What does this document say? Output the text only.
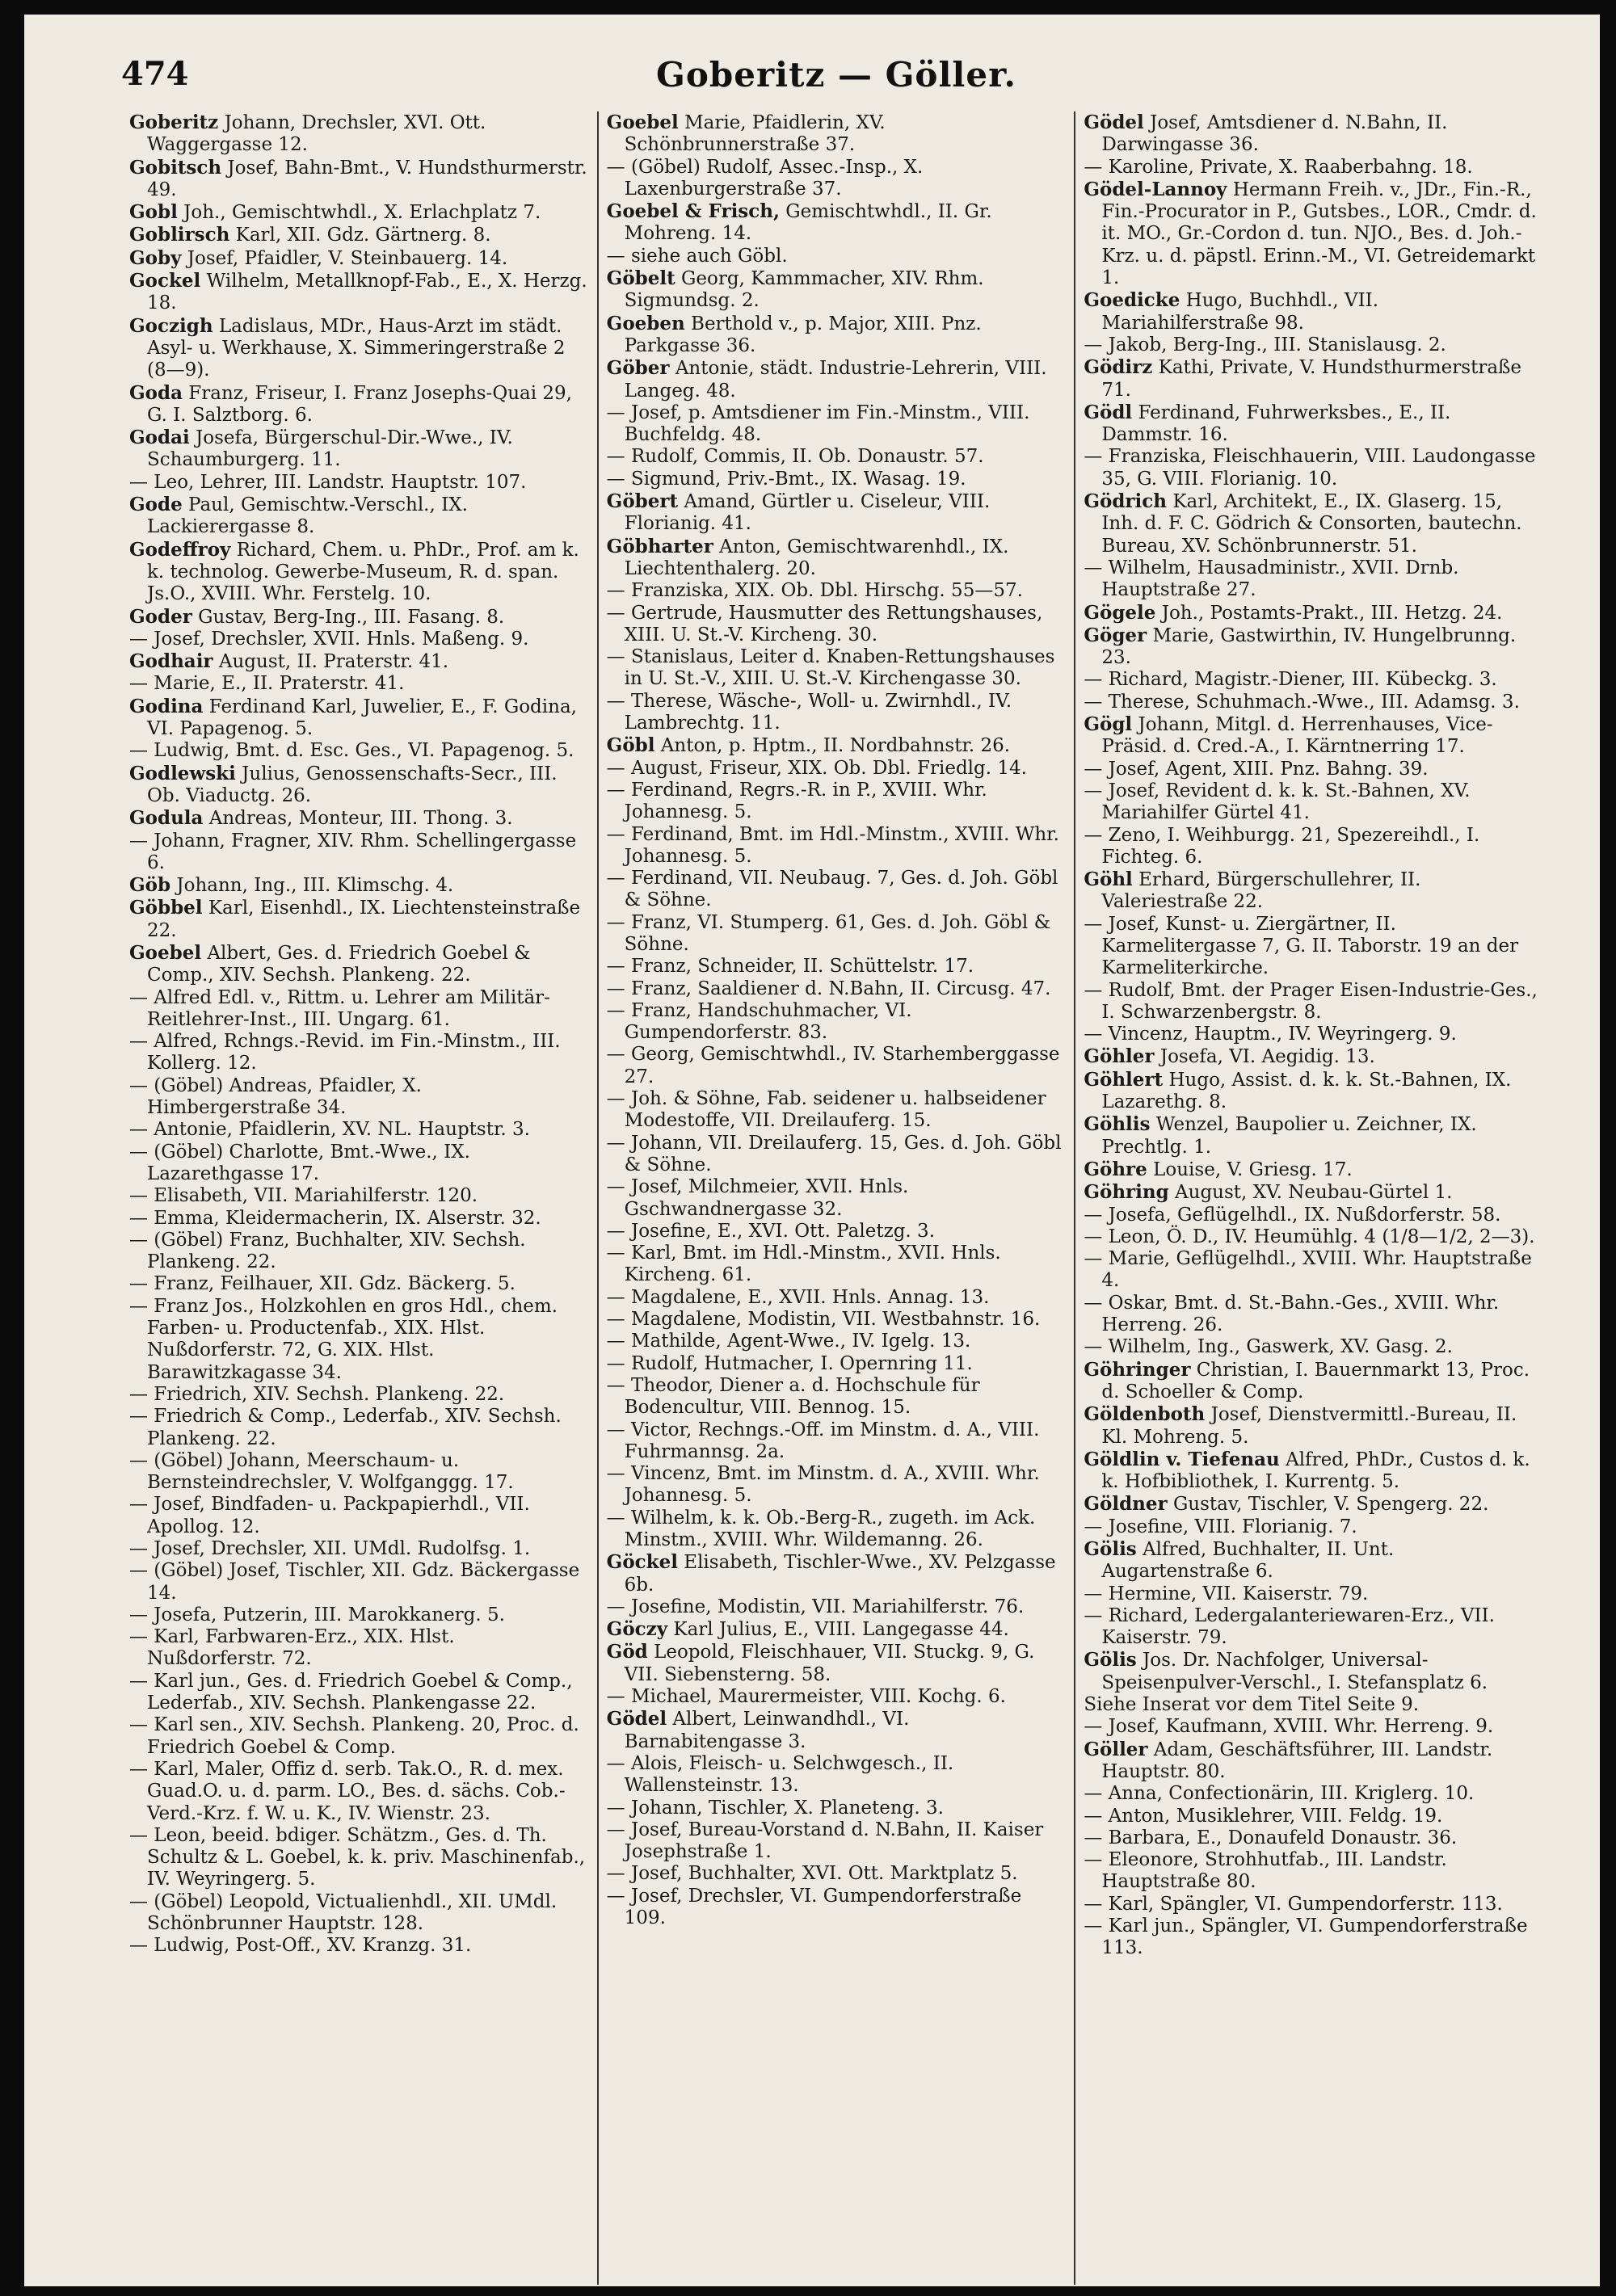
474	Goberitz — Göller.
Goberitz Johann, Drechsler, XVI. Ott. Waggergasse 12.
Gobitsch Josef, Bahn-Bmt., V. Hundsthurmerstr. 49.
Gobl Joh., Gemischtwhdl., X. Erlachplatz 7.
Goblirsch Karl, XII. Gdz. Gärtnerg. 8.
Goby Josef, Pfaidler, V. Steinbauerg. 14.
Gockel Wilhelm, Metallknopf-Fab., E., X. Herzg. 18.
Goczigh Ladislaus, MDr., Haus-Arzt im städt. Asyl- u. Werkhause, X. Simmeringerstraße 2 (8—9).
Goda Franz, Friseur, I. Franz Josephs-Quai 29, G. I. Salztborg. 6.
Godai Josefa, Bürgerschul-Dir.-Wwe., IV. Schaumburgerg. 11.
— Leo, Lehrer, III. Landstr. Hauptstr. 107.
Gode Paul, Gemischtw.-Verschl., IX. Lackierergasse 8.
Godeffroy Richard, Chem. u. PhDr., Prof. am k. k. technolog. Gewerbe-Museum, R. d. span. Js.O., XVIII. Whr. Ferstelg. 10.
Goder Gustav, Berg-Ing., III. Fasang. 8.
— Josef, Drechsler, XVII. Hnls. Maßeng. 9.
Godhair August, II. Praterstr. 41.
— Marie, E., II. Praterstr. 41.
Godina Ferdinand Karl, Juwelier, E., F. Godina, VI. Papagenog. 5.
— Ludwig, Bmt. d. Esc. Ges., VI. Papagenog. 5.
Godlewski Julius, Genossenschafts-Secr., III. Ob. Viaductg. 26.
Godula Andreas, Monteur, III. Thong. 3.
— Johann, Fragner, XIV. Rhm. Schellingergasse 6.
Göb Johann, Ing., III. Klimschg. 4.
Göbbel Karl, Eisenhdl., IX. Liechtensteinstraße 22.
Goebel Albert, Ges. d. Friedrich Goebel & Comp., XIV. Sechsh. Plankeng. 22.
— Alfred Edl. v., Rittm. u. Lehrer am Militär-Reitlehrer-Inst., III. Ungarg. 61.
— Alfred, Rchngs.-Revid. im Fin.-Minstm., III. Kollerg. 12.
— (Göbel) Andreas, Pfaidler, X. Himbergerstraße 34.
— Antonie, Pfaidlerin, XV. NL. Hauptstr. 3.
— (Göbel) Charlotte, Bmt.-Wwe., IX. Lazarethgasse 17.
— Elisabeth, VII. Mariahilferstr. 120.
— Emma, Kleidermacherin, IX. Alserstr. 32.
— (Göbel) Franz, Buchhalter, XIV. Sechsh. Plankeng. 22.
— Franz, Feilhauer, XII. Gdz. Bäckerg. 5.
— Franz Jos., Holzkohlen en gros Hdl., chem. Farben- u. Productenfab., XIX. Hlst. Nußdorferstr. 72, G. XIX. Hlst. Barawitzkagasse 34.
— Friedrich, XIV. Sechsh. Plankeng. 22.
— Friedrich & Comp., Lederfab., XIV. Sechsh. Plankeng. 22.
— (Göbel) Johann, Meerschaum- u. Bernsteindrechsler, V. Wolfganggg. 17.
— Josef, Bindfaden- u. Packpapierhdl., VII. Apollog. 12.
— Josef, Drechsler, XII. UMdl. Rudolfsg. 1.
— (Göbel) Josef, Tischler, XII. Gdz. Bäckergasse 14.
— Josefa, Putzerin, III. Marokkanerg. 5.
— Karl, Farbwaren-Erz., XIX. Hlst. Nußdorferstr. 72.
— Karl jun., Ges. d. Friedrich Goebel & Comp., Lederfab., XIV. Sechsh. Plankengasse 22.
— Karl sen., XIV. Sechsh. Plankeng. 20, Proc. d. Friedrich Goebel & Comp.
— Karl, Maler, Offiz d. serb. Tak.O., R. d. mex. Guad.O. u. d. parm. LO., Bes. d. sächs. Cob.-Verd.-Krz. f. W. u. K., IV. Wienstr. 23.
— Leon, beeid. bdiger. Schätzm., Ges. d. Th. Schultz & L. Goebel, k. k. priv. Maschinenfab., IV. Weyringerg. 5.
— (Göbel) Leopold, Victualienhdl., XII. UMdl. Schönbrunner Hauptstr. 128.
— Ludwig, Post-Off., XV. Kranzg. 31.
Goebel Marie, Pfaidlerin, XV. Schönbrunnerstraße 37.
— (Göbel) Rudolf, Assec.-Insp., X. Laxenburgerstraße 37.
Goebel & Frisch, Gemischtwhdl., II. Gr. Mohreng. 14.
— siehe auch Göbl.
Göbelt Georg, Kammmacher, XIV. Rhm. Sigmundsg. 2.
Goeben Berthold v., p. Major, XIII. Pnz. Parkgasse 36.
Göber Antonie, städt. Industrie-Lehrerin, VIII. Langeg. 48.
— Josef, p. Amtsdiener im Fin.-Minstm., VIII. Buchfeldg. 48.
— Rudolf, Commis, II. Ob. Donaustr. 57.
— Sigmund, Priv.-Bmt., IX. Wasag. 19.
Göbert Amand, Gürtler u. Ciseleur, VIII. Florianig. 41.
Göbharter Anton, Gemischtwarenhdl., IX. Liechtenthalerg. 20.
— Franziska, XIX. Ob. Dbl. Hirschg. 55—57.
— Gertrude, Hausmutter des Rettungshauses, XIII. U. St.-V. Kircheng. 30.
— Stanislaus, Leiter d. Knaben-Rettungshauses in U. St.-V., XIII. U. St.-V. Kirchengasse 30.
— Therese, Wäsche-, Woll- u. Zwirnhdl., IV. Lambrechtg. 11.
Göbl Anton, p. Hptm., II. Nordbahnstr. 26.
— August, Friseur, XIX. Ob. Dbl. Friedlg. 14.
— Ferdinand, Regrs.-R. in P., XVIII. Whr. Johannesg. 5.
— Ferdinand, Bmt. im Hdl.-Minstm., XVIII. Whr. Johannesg. 5.
— Ferdinand, VII. Neubaug. 7, Ges. d. Joh. Göbl & Söhne.
— Franz, VI. Stumperg. 61, Ges. d. Joh. Göbl & Söhne.
— Franz, Schneider, II. Schüttelstr. 17.
— Franz, Saaldiener d. N.Bahn, II. Circusg. 47.
— Franz, Handschuhmacher, VI. Gumpendorferstr. 83.
— Georg, Gemischtwhdl., IV. Starhemberggasse 27.
— Joh. & Söhne, Fab. seidener u. halbseidener Modestoffe, VII. Dreilauferg. 15.
— Johann, VII. Dreilauferg. 15, Ges. d. Joh. Göbl & Söhne.
— Josef, Milchmeier, XVII. Hnls. Gschwandnergasse 32.
— Josefine, E., XVI. Ott. Paletzg. 3.
— Karl, Bmt. im Hdl.-Minstm., XVII. Hnls. Kircheng. 61.
— Magdalene, E., XVII. Hnls. Annag. 13.
— Magdalene, Modistin, VII. Westbahnstr. 16.
— Mathilde, Agent-Wwe., IV. Igelg. 13.
— Rudolf, Hutmacher, I. Opernring 11.
— Theodor, Diener a. d. Hochschule für Bodencultur, VIII. Bennog. 15.
— Victor, Rechngs.-Off. im Minstm. d. A., VIII. Fuhrmannsg. 2a.
— Vincenz, Bmt. im Minstm. d. A., XVIII. Whr. Johannesg. 5.
— Wilhelm, k. k. Ob.-Berg-R., zugeth. im Ack. Minstm., XVIII. Whr. Wildemanng. 26.
Göckel Elisabeth, Tischler-Wwe., XV. Pelzgasse 6b.
— Josefine, Modistin, VII. Mariahilferstr. 76.
Göczy Karl Julius, E., VIII. Langegasse 44.
Göd Leopold, Fleischhauer, VII. Stuckg. 9, G. VII. Siebensterng. 58.
— Michael, Maurermeister, VIII. Kochg. 6.
Gödel Albert, Leinwandhdl., VI. Barnabitengasse 3.
— Alois, Fleisch- u. Selchwgesch., II. Wallensteinstr. 13.
— Johann, Tischler, X. Planeteng. 3.
— Josef, Bureau-Vorstand d. N.Bahn, II. Kaiser Josephstraße 1.
— Josef, Buchhalter, XVI. Ott. Marktplatz 5.
— Josef, Drechsler, VI. Gumpendorferstraße 109.
Gödel Josef, Amtsdiener d. N.Bahn, II. Darwingasse 36.
— Karoline, Private, X. Raaberbahng. 18.
Gödel-Lannoy Hermann Freih. v., JDr., Fin.-R., Fin.-Procurator in P., Gutsbes., LOR., Cmdr. d. it. MO., Gr.-Cordon d. tun. NJO., Bes. d. Joh.-Krz. u. d. päpstl. Erinn.-M., VI. Getreidemarkt 1.
Goedicke Hugo, Buchhdl., VII. Mariahilferstraße 98.
— Jakob, Berg-Ing., III. Stanislausg. 2.
Gödirz Kathi, Private, V. Hundsthurmerstraße 71.
Gödl Ferdinand, Fuhrwerksbes., E., II. Dammstr. 16.
— Franziska, Fleischhauerin, VIII. Laudongasse 35, G. VIII. Florianig. 10.
Gödrich Karl, Architekt, E., IX. Glaserg. 15, Inh. d. F. C. Gödrich & Consorten, bautechn. Bureau, XV. Schönbrunnerstr. 51.
— Wilhelm, Hausadministr., XVII. Drnb. Hauptstraße 27.
Gögele Joh., Postamts-Prakt., III. Hetzg. 24.
Göger Marie, Gastwirthin, IV. Hungelbrunng. 23.
— Richard, Magistr.-Diener, III. Kübeckg. 3.
— Therese, Schuhmach.-Wwe., III. Adamsg. 3.
Gögl Johann, Mitgl. d. Herrenhauses, Vice-Präsid. d. Cred.-A., I. Kärntnerring 17.
— Josef, Agent, XIII. Pnz. Bahng. 39.
— Josef, Revident d. k. k. St.-Bahnen, XV. Mariahilfer Gürtel 41.
— Zeno, I. Weihburgg. 21, Spezereihdl., I. Fichteg. 6.
Göhl Erhard, Bürgerschullehrer, II. Valeriestraße 22.
— Josef, Kunst- u. Ziergärtner, II. Karmelitergasse 7, G. II. Taborstr. 19 an der Karmeliterkirche.
— Rudolf, Bmt. der Prager Eisen-Industrie-Ges., I. Schwarzenbergstr. 8.
— Vincenz, Hauptm., IV. Weyringerg. 9.
Göhler Josefa, VI. Aegidig. 13.
Göhlert Hugo, Assist. d. k. k. St.-Bahnen, IX. Lazarethg. 8.
Göhlis Wenzel, Baupolier u. Zeichner, IX. Prechtlg. 1.
Göhre Louise, V. Griesg. 17.
Göhring August, XV. Neubau-Gürtel 1.
— Josefa, Geflügelhdl., IX. Nußdorferstr. 58.
— Leon, Ö. D., IV. Heumühlg. 4 (1/8—1/2, 2—3).
— Marie, Geflügelhdl., XVIII. Whr. Hauptstraße 4.
— Oskar, Bmt. d. St.-Bahn.-Ges., XVIII. Whr. Herreng. 26.
— Wilhelm, Ing., Gaswerk, XV. Gasg. 2.
Göhringer Christian, I. Bauernmarkt 13, Proc. d. Schoeller & Comp.
Göldenboth Josef, Dienstvermittl.-Bureau, II. Kl. Mohreng. 5.
Göldlin v. Tiefenau Alfred, PhDr., Custos d. k. k. Hofbibliothek, I. Kurrentg. 5.
Göldner Gustav, Tischler, V. Spengerg. 22.
— Josefine, VIII. Florianig. 7.
Gölis Alfred, Buchhalter, II. Unt. Augartenstraße 6.
— Hermine, VII. Kaiserstr. 79.
— Richard, Ledergalanteriewaren-Erz., VII. Kaiserstr. 79.
Gölis Jos. Dr. Nachfolger, Universal-Speisenpulver-Verschl., I. Stefansplatz 6.
Siehe Inserat vor dem Titel Seite 9.
— Josef, Kaufmann, XVIII. Whr. Herreng. 9.
Göller Adam, Geschäftsführer, III. Landstr. Hauptstr. 80.
— Anna, Confectionärin, III. Kriglerg. 10.
— Anton, Musiklehrer, VIII. Feldg. 19.
— Barbara, E., Donaufeld Donaustr. 36.
— Eleonore, Strohhutfab., III. Landstr. Hauptstraße 80.
— Karl, Spängler, VI. Gumpendorferstr. 113.
— Karl jun., Spängler, VI. Gumpendorferstraße 113.
